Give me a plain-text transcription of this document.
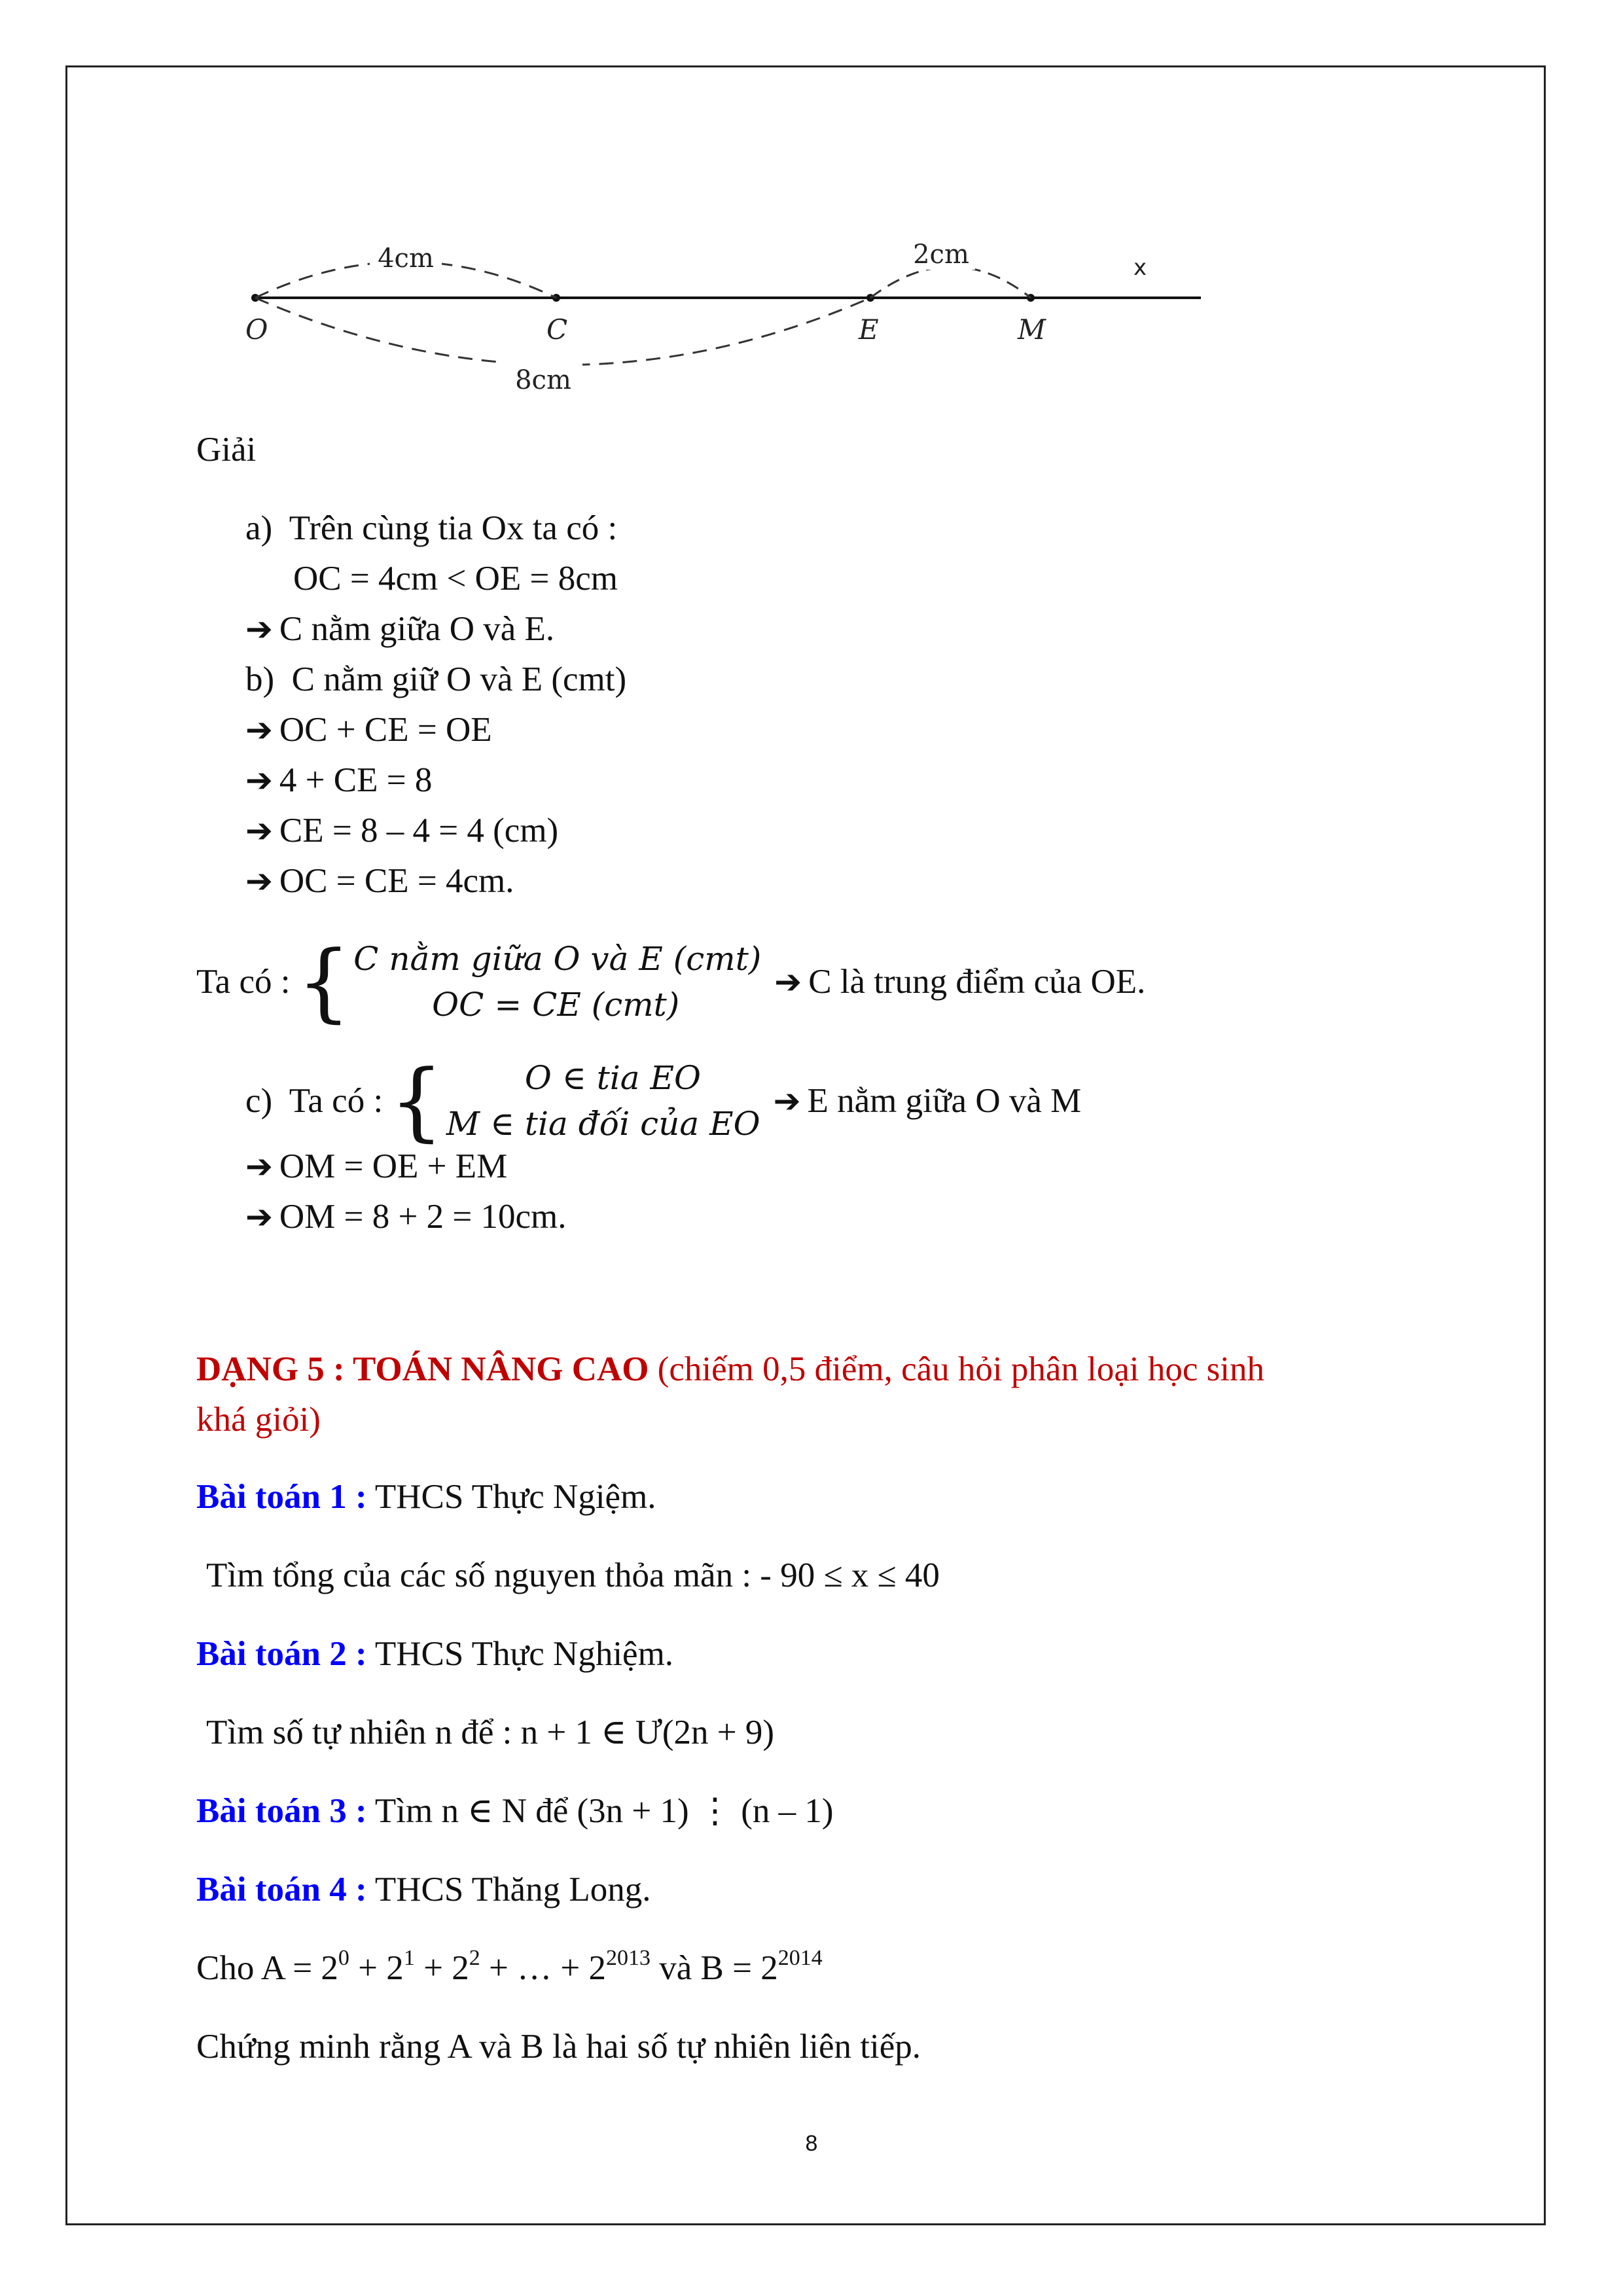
4cm	2cm
8cm
O	C	E	M
x
Giải
a) Trên cùng tia Ox ta có :
OC = 4cm < OE = 8cm
➔ C nằm giữa O và E.
b) C nằm giữ O và E (cmt)
➔ OC + CE = OE
➔ 4 + CE = 8
➔ CE = 8 – 4 = 4 (cm)
➔ OC = CE = 4cm.
Ta có : { C nằm giữa O và E (cmt)
OC = CE (cmt)
➔ C là trung điểm của OE.
c) Ta có : {	O ∈ tia EO
M ∈ tia đối của EO
➔ E nằm giữa O và M
➔ OM = OE + EM
➔ OM = 8 + 2 = 10cm.
DẠNG 5 : TOÁN NÂNG CAO (chiếm 0,5 điểm, câu hỏi phân loại học sinh
khá giỏi)
Bài toán 1 : THCS Thực Ngiệm.
Tìm tổng của các số nguyen thỏa mãn : - 90 ≤ x ≤ 40
Bài toán 2 : THCS Thực Nghiệm.
Tìm số tự nhiên n để : n + 1 ∈ Ư(2n + 9)
Bài toán 3 : Tìm n ∈ N để (3n + 1) ⋮ (n – 1)
Bài toán 4 : THCS Thăng Long.
Cho $A = 2^0 + 2^1 + 2^2$ + … + $2^{2013}$ và $B = 2^{2014}$
Chứng minh rằng A và B là hai số tự nhiên liên tiếp.
8
